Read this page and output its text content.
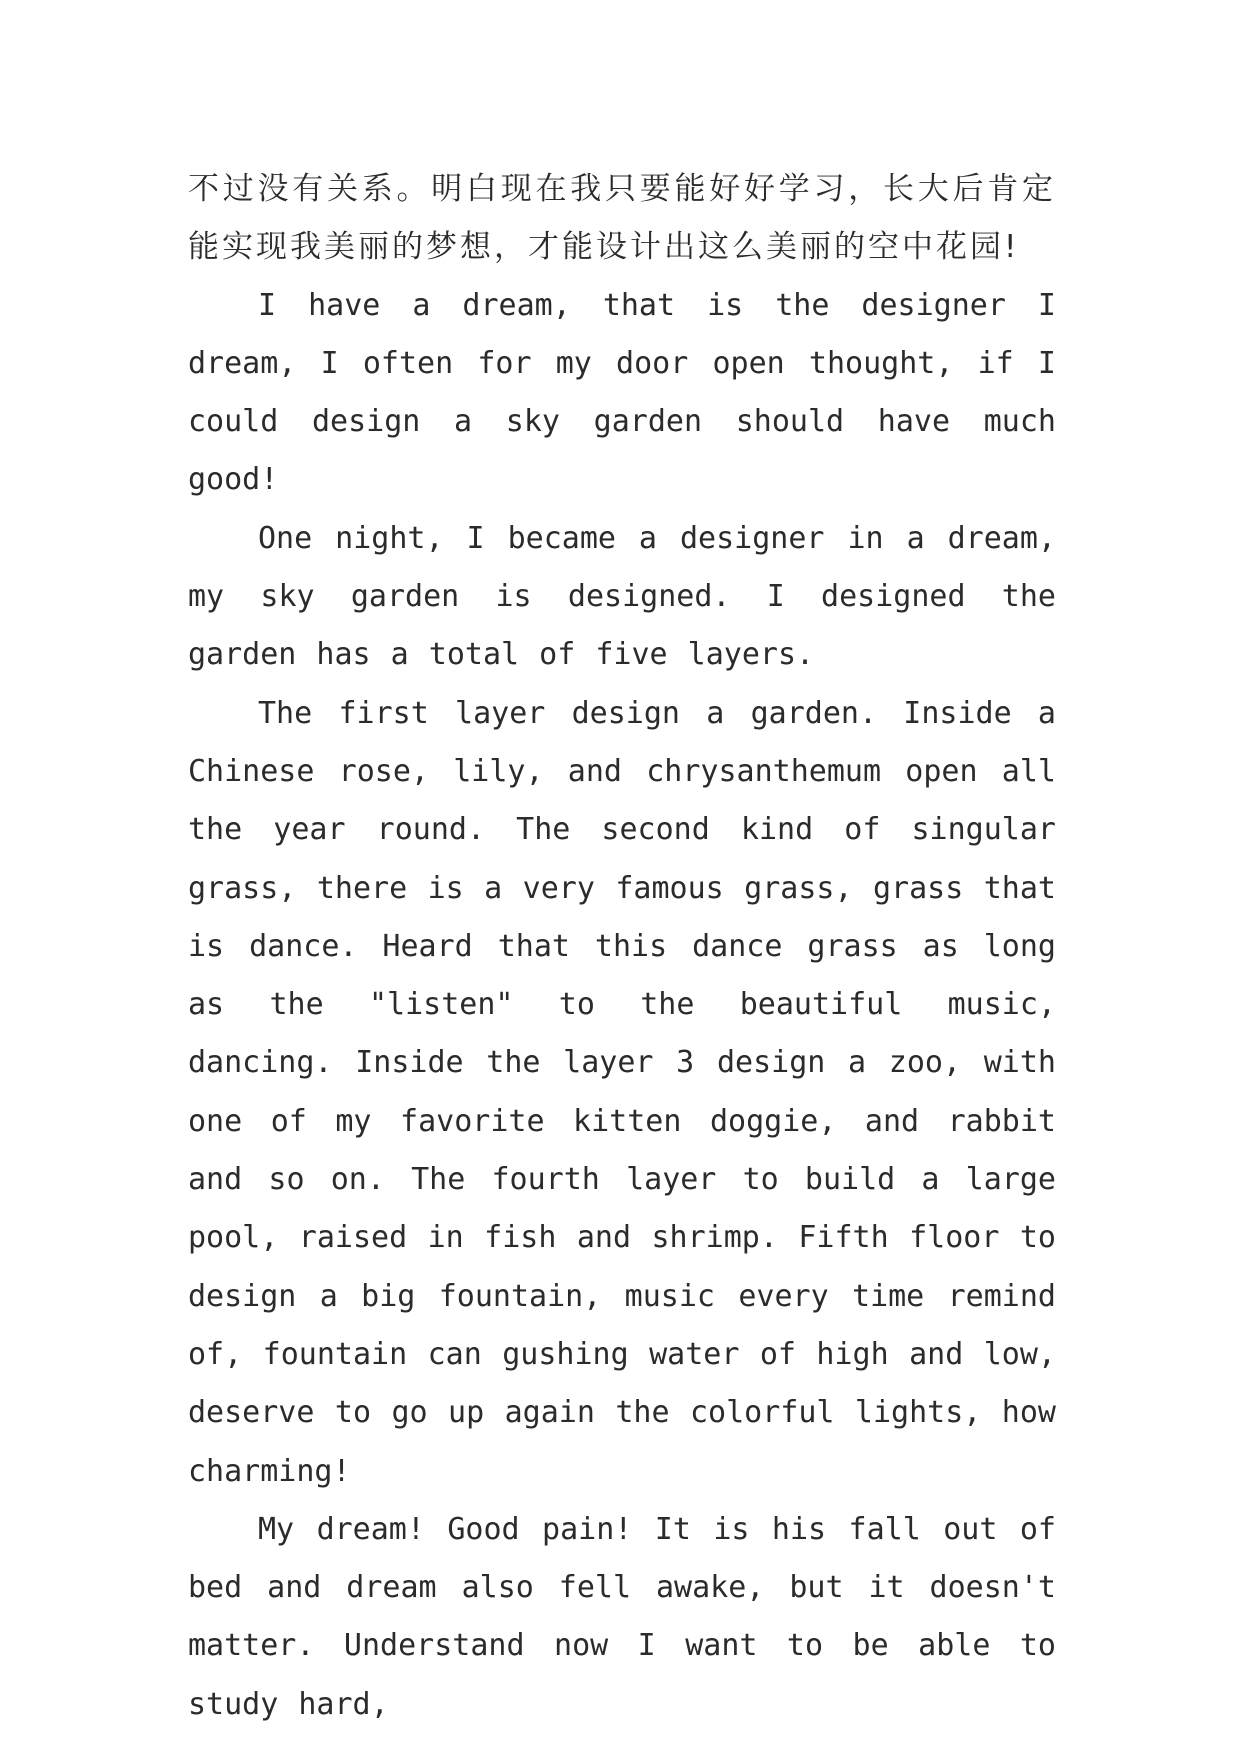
不过没有关系。明白现在我只要能好好学习，长大后肯定能实现我美丽的梦想，才能设计出这么美丽的空中花园!

I have a dream, that is the designer I dream, I often for my door open thought, if I could design a sky garden should have much good!

One night, I became a designer in a dream, my sky garden is designed. I designed the garden has a total of five layers.

The first layer design a garden. Inside a Chinese rose, lily, and chrysanthemum open all the year round. The second kind of singular grass, there is a very famous grass, grass that is dance. Heard that this dance grass as long as the "listen" to the beautiful music, dancing. Inside the layer 3 design a zoo, with one of my favorite kitten doggie, and rabbit and so on. The fourth layer to build a large pool, raised in fish and shrimp. Fifth floor to design a big fountain, music every time remind of, fountain can gushing water of high and low, deserve to go up again the colorful lights, how charming!

My dream! Good pain! It is his fall out of bed and dream also fell awake, but it doesn't matter. Understand now I want to be able to study hard,
